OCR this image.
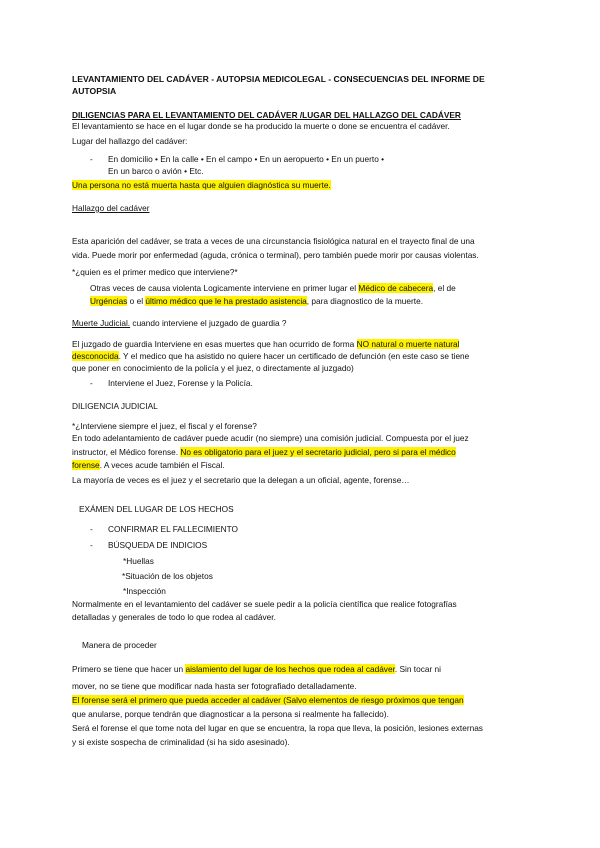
LEVANTAMIENTO DEL CADÁVER - AUTOPSIA MEDICOLEGAL - CONSECUENCIAS DEL INFORME DE
AUTOPSIA
DILIGENCIAS PARA EL LEVANTAMIENTO DEL CADÁVER /LUGAR DEL HALLAZGO DEL CADÁVER
El levantamiento se hace en el lugar donde se ha producido la muerte o done se encuentra el cadáver.
Lugar del hallazgo del cadáver:
- En domicilio • En la calle • En el campo • En un aeropuerto • En un puerto •
En un barco o avión • Etc.
Una persona no está muerta hasta que alguien diagnóstica su muerte.
Hallazgo del cadáver
Esta aparición del cadáver, se trata a veces de una circunstancia fisiológica natural en el trayecto final de una
vida. Puede morir por enfermedad (aguda, crónica o terminal), pero también puede morir por causas violentas.
*¿quien es el primer medico que interviene?*
Otras veces de causa violenta Logicamente interviene en primer lugar el Médico de cabecera, el de
Urgéncias o el último médico que le ha prestado asistencia, para diagnostico de la muerte.
Muerte Judicial. cuando interviene el juzgado de guardia ?
El juzgado de guardia Interviene en esas muertes que han ocurrido de forma NO natural o muerte natural
desconocida. Y el medico que ha asistido no quiere hacer un certificado de defunción (en este caso se tiene
que poner en conocimiento de la policía y el juez, o directamente al juzgado)
- Interviene el Juez, Forense y la Policía.
DILIGENCIA JUDICIAL
*¿Interviene siempre el juez, el fiscal y el forense?
En todo adelantamiento de cadáver puede acudir (no siempre) una comisión judicial. Compuesta por el juez
instructor, el Médico forense. No es obligatorio para el juez y el secretario judicial, pero si para el médico
forense. A veces acude también el Fiscal.
La mayoría de veces es el juez y el secretario que la delegan a un oficial, agente, forense…
EXÁMEN DEL LUGAR DE LOS HECHOS
- CONFIRMAR EL FALLECIMIENTO
- BÚSQUEDA DE INDICIOS
*Huellas
*Situación de los objetos
*Inspección
Normalmente en el levantamiento del cadáver se suele pedir a la policía científica que realice fotografías
detalladas y generales de todo lo que rodea al cadáver.
Manera de proceder
Primero se tiene que hacer un aislamiento del lugar de los hechos que rodea al cadáver. Sin tocar ni
mover, no se tiene que modificar nada hasta ser fotografiado detalladamente.
El forense será el primero que pueda acceder al cadáver (Salvo elementos de riesgo próximos que tengan
que anularse, porque tendrán que diagnosticar a la persona si realmente ha fallecido).
Será el forense el que tome nota del lugar en que se encuentra, la ropa que lleva, la posición, lesiones externas
y si existe sospecha de criminalidad (si ha sido asesinado).
